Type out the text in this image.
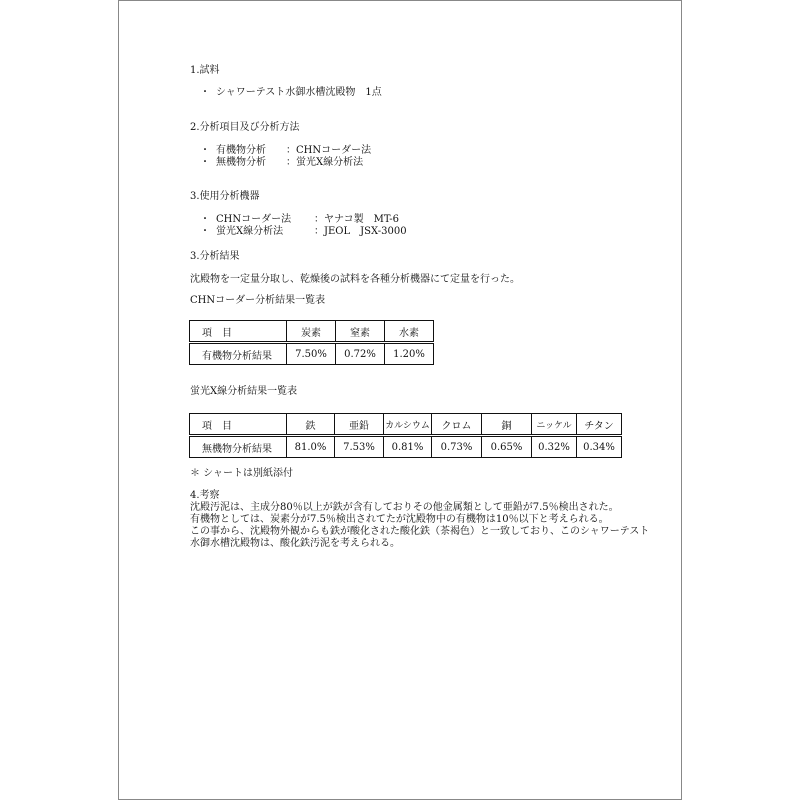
1.試料
・ シャワーテスト水御水槽沈殿物　1点
2.分析項目及び分析方法
・ 有機物分析 ：CHNコーダー法
・ 無機物分析 ：蛍光X線分析法
3.使用分析機器
・ CHNコーダー法 ：ヤナコ製　MT-6
・ 蛍光X線分析法	：JEOL　JSX-3000
3.分析結果
沈殿物を一定量分取し、乾燥後の試料を各種分析機器にて定量を行った。
CHNコーダー分析結果一覧表
項　目	炭素	窒素	水素
有機物分析結果	7.50%	0.72%	1.20%
蛍光X線分析結果一覧表
項　目	鉄	亜鉛	カルシウム	クロム	銅	ニッケル	チタン
無機物分析結果	81.0%	7.53%	0.81%	0.73%	0.65%	0.32%	0.34%
＊ シャートは別紙添付
4.考察
沈殿汚泥は、主成分80％以上が鉄が含有しておりその他金属類として亜鉛が7.5％検出された。
有機物としては、炭素分が7.5％検出されてたが沈殿物中の有機物は10％以下と考えられる。
この事から、沈殿物外観からも鉄が酸化された酸化鉄（茶褐色）と一致しており、このシャワーテスト
水御水槽沈殿物は、酸化鉄汚泥を考えられる。
